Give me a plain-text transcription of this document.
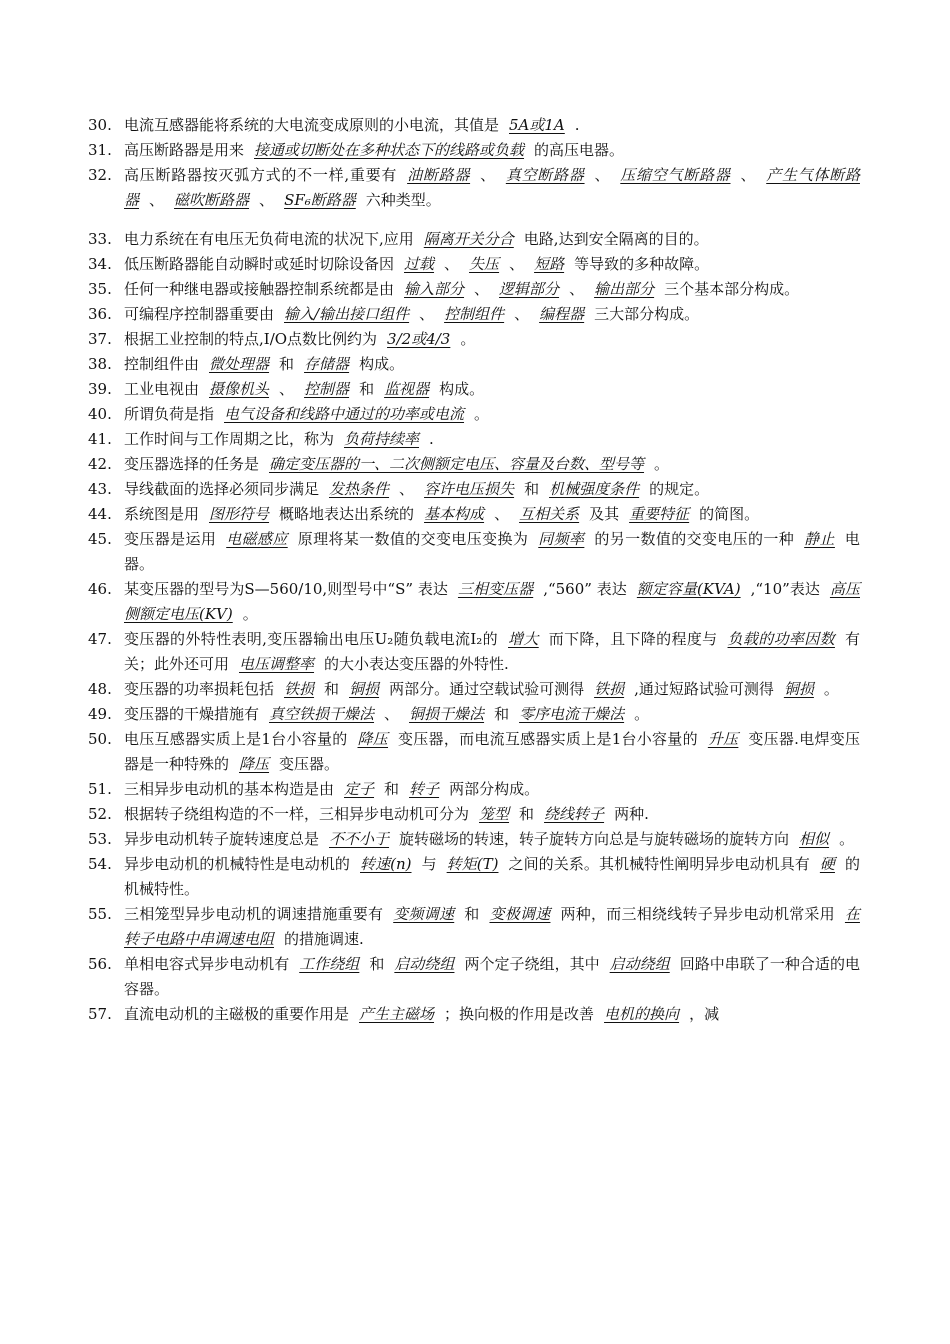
30. 电流互感器能将系统的大电流变成原则的小电流，其值是 5A或1A .
31. 高压断路器是用来 接通或切断处在多种状态下的线路或负载 的高压电器。
32. 高压断路器按灭弧方式的不一样,重要有 油断路器 、 真空断路器 、 压缩空气断路器 、 产生气体断路器 、 磁吹断路器 、 SF₆断路器 六种类型。
33. 电力系统在有电压无负荷电流的状况下,应用 隔离开关分合 电路,达到安全隔离的目的。
34. 低压断路器能自动瞬时或延时切除设备因 过载 、 失压 、 短路 等导致的多种故障。
35. 任何一种继电器或接触器控制系统都是由 输入部分 、 逻辑部分 、 输出部分 三个基本部分构成。
36. 可编程序控制器重要由 输入/输出接口组件 、 控制组件 、 编程器 三大部分构成。
37. 根据工业控制的特点,I/O点数比例约为 3/2或4/3 。
38. 控制组件由 微处理器 和 存储器 构成。
39. 工业电视由 摄像机头 、 控制器 和 监视器 构成。
40. 所谓负荷是指 电气设备和线路中通过的功率或电流 。
41. 工作时间与工作周期之比，称为 负荷持续率 .
42. 变压器选择的任务是 确定变压器的一、二次侧额定电压、容量及台数、型号等 。
43. 导线截面的选择必须同步满足 发热条件 、 容许电压损失 和 机械强度条件 的规定。
44. 系统图是用 图形符号 概略地表达出系统的 基本构成 、 互相关系 及其 重要特征 的简图。
45. 变压器是运用 电磁感应 原理将某一数值的交变电压变换为 同频率 的另一数值的交变电压的一种 静止 电器。
46. 某变压器的型号为S—560/10,则型号中“S” 表达 三相变压器 ,“560” 表达 额定容量(KVA) ,“10”表达 高压侧额定电压(KV) 。
47. 变压器的外特性表明,变压器输出电压U₂随负载电流I₂的 增大 而下降，且下降的程度与 负载的功率因数 有关；此外还可用 电压调整率 的大小表达变压器的外特性.
48. 变压器的功率损耗包括 铁损 和 铜损 两部分。通过空载试验可测得 铁损 ,通过短路试验可测得 铜损 。
49. 变压器的干燥措施有 真空铁损干燥法 、 铜损干燥法 和 零序电流干燥法 。
50. 电压互感器实质上是1台小容量的 降压 变压器，而电流互感器实质上是1台小容量的 升压 变压器.电焊变压器是一种特殊的 降压 变压器。
51. 三相异步电动机的基本构造是由 定子 和 转子 两部分构成。
52. 根据转子绕组构造的不一样，三相异步电动机可分为 笼型 和 绕线转子 两种.
53. 异步电动机转子旋转速度总是 不不小于 旋转磁场的转速，转子旋转方向总是与旋转磁场的旋转方向 相似 。
54. 异步电动机的机械特性是电动机的 转速(n) 与 转矩(T) 之间的关系。其机械特性阐明异步电动机具有 硬 的机械特性。
55. 三相笼型异步电动机的调速措施重要有 变频调速 和 变极调速 两种，而三相绕线转子异步电动机常采用 在转子电路中串调速电阻 的措施调速.
56. 单相电容式异步电动机有 工作绕组 和 启动绕组 两个定子绕组，其中 启动绕组 回路中串联了一种合适的电容器。
57. 直流电动机的主磁极的重要作用是 产生主磁场 ；换向极的作用是改善 电机的换向 ，减
